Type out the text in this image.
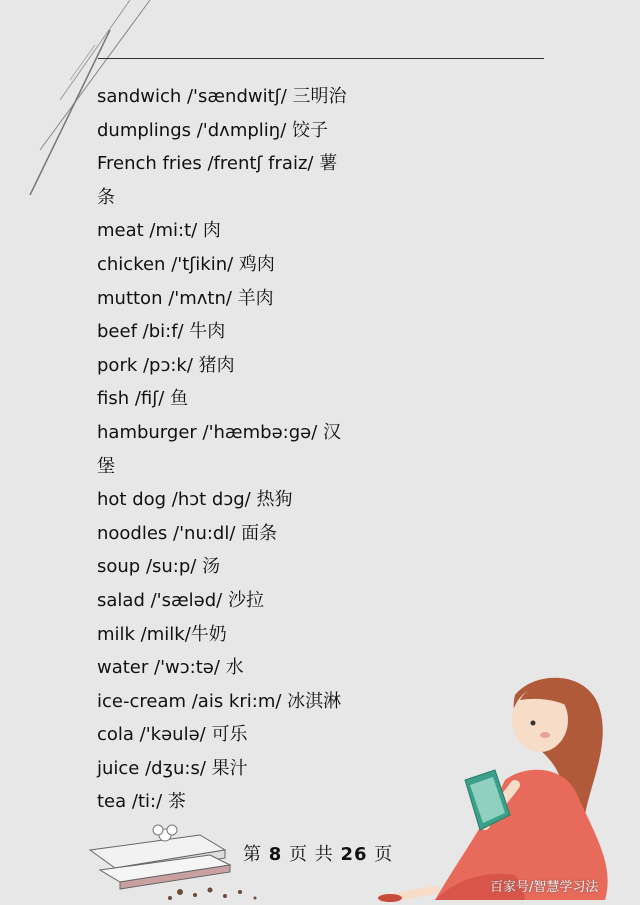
sandwich /'sændwitʃ/ 三明治
dumplings /'dʌmpliŋ/ 饺子
French fries /frentʃ fraiz/ 薯
条
meat /mi:t/ 肉
chicken /'tʃikin/ 鸡肉
mutton /'mʌtn/ 羊肉
beef /bi:f/ 牛肉
pork /pɔ:k/ 猪肉
fish /fiʃ/ 鱼
hamburger /'hæmbə:gə/ 汉
堡
hot dog /hɔt dɔg/ 热狗
noodles /'nu:dl/ 面条
soup /su:p/ 汤
salad /'sæləd/ 沙拉
milk /milk/牛奶
water /'wɔ:tə/ 水
ice-cream /ais kri:m/ 冰淇淋
cola /'kəulə/ 可乐
juice /dʒu:s/ 果汁
tea /ti:/ 茶
第 8 页 共 26 页
百家号/智慧学习法
